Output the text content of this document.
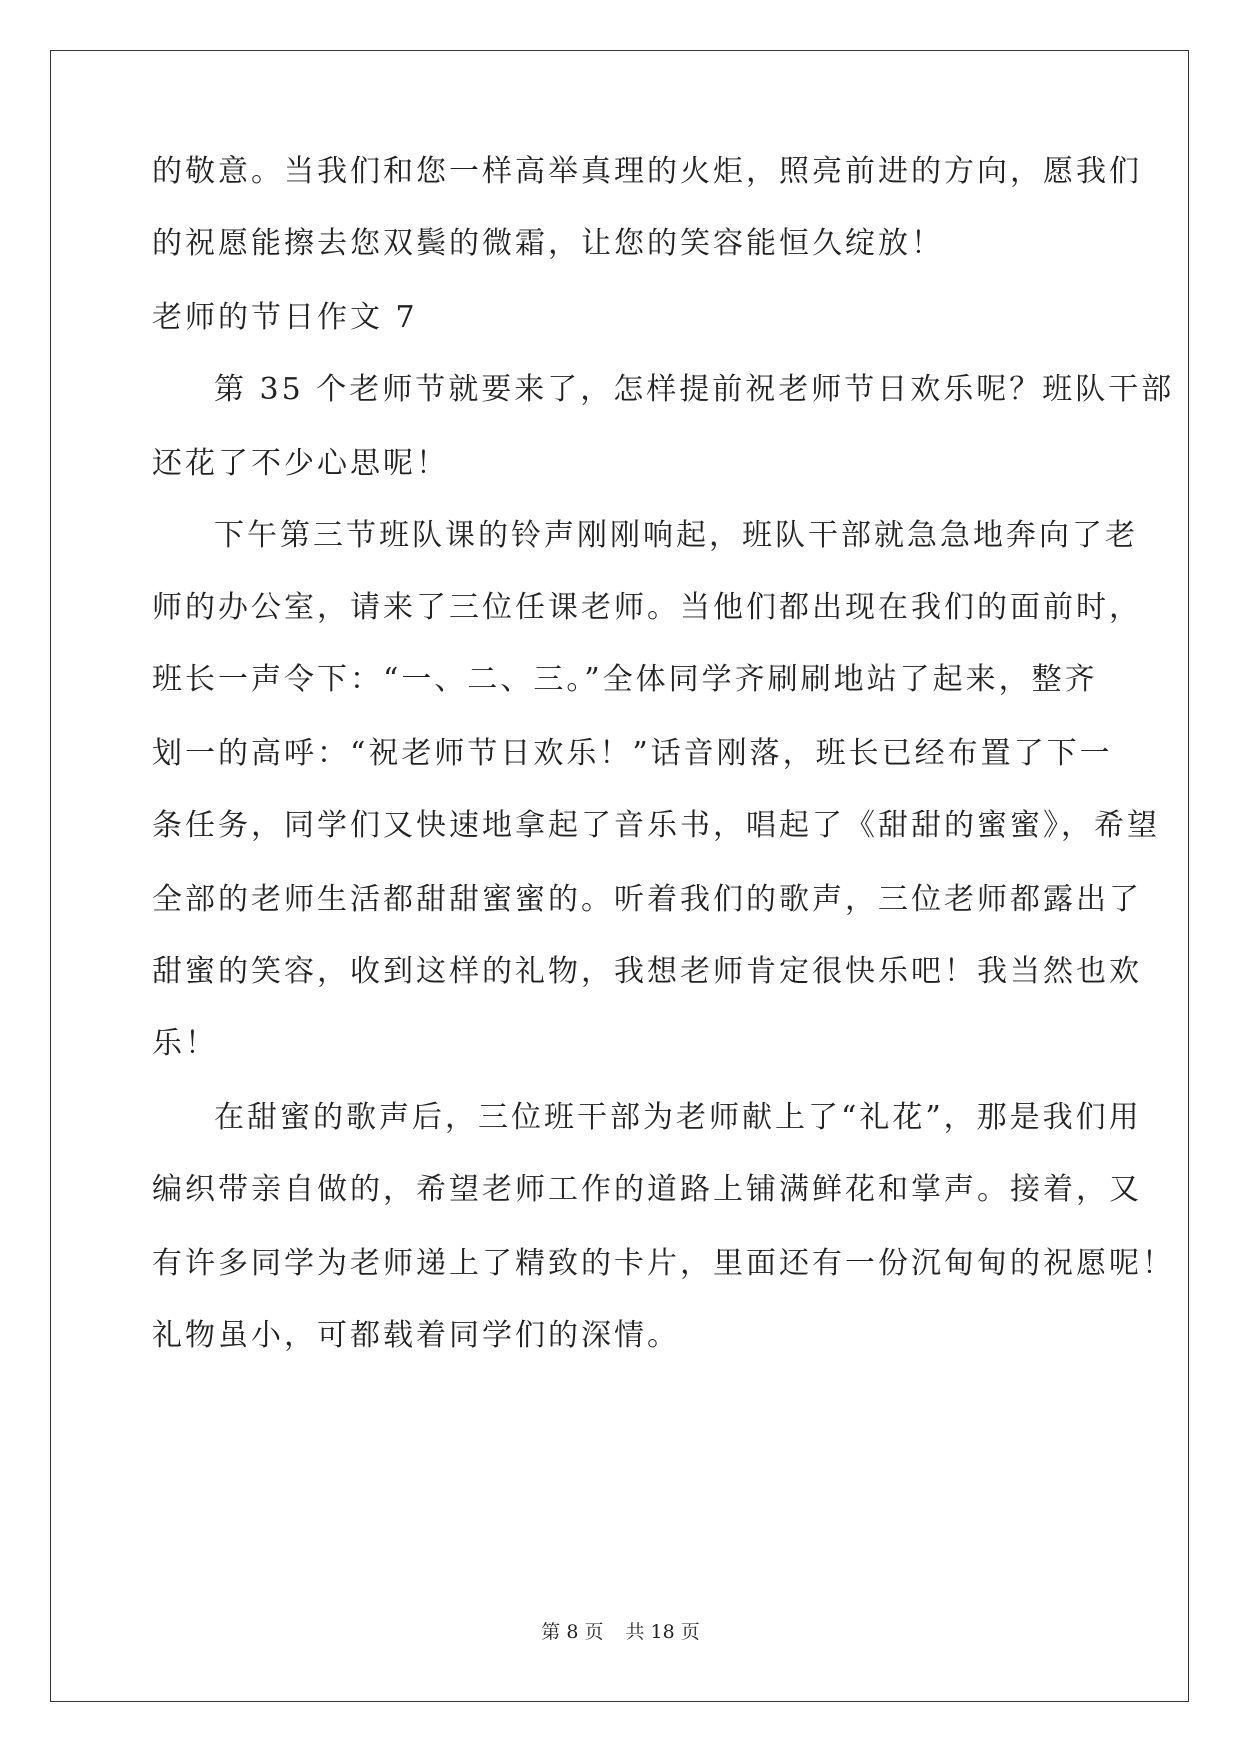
的敬意。当我们和您一样高举真理的火炬，照亮前进的方向，愿我们
的祝愿能擦去您双鬓的微霜，让您的笑容能恒久绽放！
老师的节日作文 7
第 35 个老师节就要来了，怎样提前祝老师节日欢乐呢？班队干部
还花了不少心思呢！
下午第三节班队课的铃声刚刚响起，班队干部就急急地奔向了老
师的办公室，请来了三位任课老师。当他们都出现在我们的面前时，
班长一声令下：“一、二、三。”全体同学齐刷刷地站了起来，整齐
划一的高呼：“祝老师节日欢乐！”话音刚落，班长已经布置了下一
条任务，同学们又快速地拿起了音乐书，唱起了《甜甜的蜜蜜》，希望
全部的老师生活都甜甜蜜蜜的。听着我们的歌声，三位老师都露出了
甜蜜的笑容，收到这样的礼物，我想老师肯定很快乐吧！我当然也欢
乐！
在甜蜜的歌声后，三位班干部为老师献上了“礼花”，那是我们用
编织带亲自做的，希望老师工作的道路上铺满鲜花和掌声。接着，又
有许多同学为老师递上了精致的卡片，里面还有一份沉甸甸的祝愿呢！
礼物虽小，可都载着同学们的深情。
第 8 页 共 18 页
